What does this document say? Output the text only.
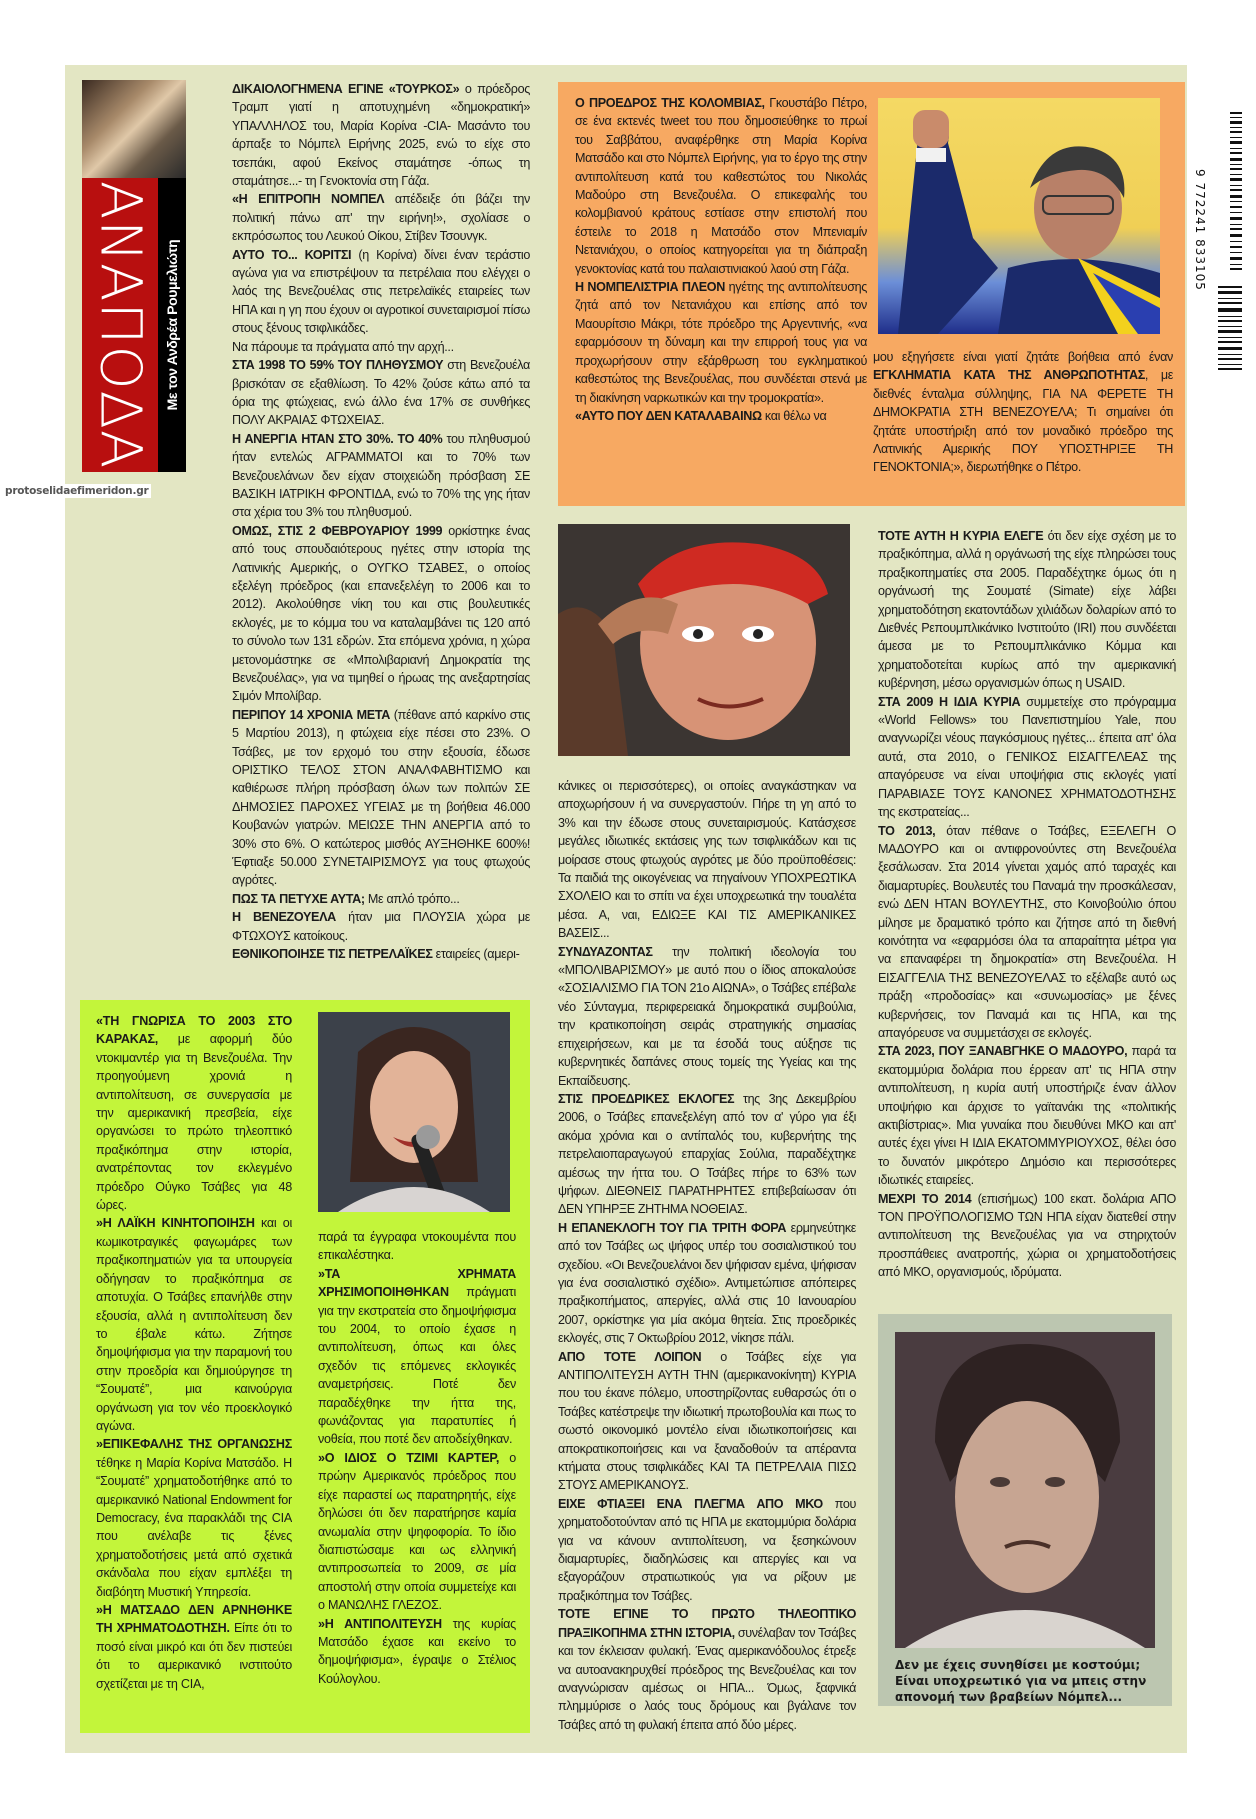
ΑΝΑΠΟΔΑ Με τον Ανδρέα Ρουμελιώτη
protoselidaefimeridon.gr
9 772241 833105

ΔΙΚΑΙΟΛΟΓΗΜΕΝΑ ΕΓΙΝΕ «ΤΟΥΡΚΟΣ» ο πρόεδρος Τραμπ γιατί η αποτυχημένη «δημοκρατική» ΥΠΑΛΛΗΛΟΣ του, Μαρία Κορίνα -CIA- Μασάντο του άρπαξε το Νόμπελ Ειρήνης 2025, ενώ το είχε στο τσεπάκι, αφού Εκείνος σταμάτησε -όπως τη σταμάτησε...- τη Γενοκτονία στη Γάζα.

«Η ΕΠΙΤΡΟΠΗ ΝΟΜΠΕΛ απέδειξε ότι βάζει την πολιτική πάνω απ' την ειρήνη!», σχολίασε ο εκπρόσωπος του Λευκού Οίκου, Στίβεν Τσουνγκ.

ΑΥΤΟ ΤΟ... ΚΟΡΙΤΣΙ (η Κορίνα) δίνει έναν τεράστιο αγώνα για να επιστρέψουν τα πετρέλαια που ελέγχει ο λαός της Βενεζουέλας στις πετρελαϊκές εταιρείες των ΗΠΑ και η γη που έχουν οι αγροτικοί συνεταιρισμοί πίσω στους ξένους τσιφλικάδες.

Να πάρουμε τα πράγματα από την αρχή...

ΣΤΑ 1998 ΤΟ 59% ΤΟΥ ΠΛΗΘΥΣΜΟΥ στη Βενεζουέλα βρισκόταν σε εξαθλίωση. Το 42% ζούσε κάτω από τα όρια της φτώχειας, ενώ άλλο ένα 17% σε συνθήκες ΠΟΛΥ ΑΚΡΑΙΑΣ ΦΤΩΧΕΙΑΣ.

Η ΑΝΕΡΓΙΑ ΗΤΑΝ ΣΤΟ 30%. ΤΟ 40% του πληθυσμού ήταν εντελώς ΑΓΡΑΜΜΑΤΟΙ και το 70% των Βενεζουελάνων δεν είχαν στοιχειώδη πρόσβαση ΣΕ ΒΑΣΙΚΗ ΙΑΤΡΙΚΗ ΦΡΟΝΤΙΔΑ, ενώ το 70% της γης ήταν στα χέρια του 3% του πληθυσμού.

ΟΜΩΣ, ΣΤΙΣ 2 ΦΕΒΡΟΥΑΡΙΟΥ 1999 ορκίστηκε ένας από τους σπουδαιότερους ηγέτες στην ιστορία της Λατινικής Αμερικής, ο ΟΥΓΚΟ ΤΣΑΒΕΣ, ο οποίος εξελέγη πρόεδρος (και επανεξελέγη το 2006 και το 2012). Ακολούθησε νίκη του και στις βουλευτικές εκλογές, με το κόμμα του να καταλαμβάνει τις 120 από το σύνολο των 131 εδρών. Στα επόμενα χρόνια, η χώρα μετονομάστηκε σε «Μπολιβαριανή Δημοκρατία της Βενεζουέλας», για να τιμηθεί ο ήρωας της ανεξαρτησίας Σιμόν Μπολίβαρ.

ΠΕΡΙΠΟΥ 14 ΧΡΟΝΙΑ ΜΕΤΑ (πέθανε από καρκίνο στις 5 Μαρτίου 2013), η φτώχεια είχε πέσει στο 23%. Ο Τσάβες, με τον ερχομό του στην εξουσία, έδωσε ΟΡΙΣΤΙΚΟ ΤΕΛΟΣ ΣΤΟΝ ΑΝΑΛΦΑΒΗΤΙΣΜΟ και καθιέρωσε πλήρη πρόσβαση όλων των πολιτών ΣΕ ΔΗΜΟΣΙΕΣ ΠΑΡΟΧΕΣ ΥΓΕΙΑΣ με τη βοήθεια 46.000 Κουβανών γιατρών. ΜΕΙΩΣΕ ΤΗΝ ΑΝΕΡΓΙΑ από το 30% στο 6%. Ο κατώτερος μισθός ΑΥΞΗΘΗΚΕ 600%! Έφτιαξε 50.000 ΣΥΝΕΤΑΙΡΙΣΜΟΥΣ για τους φτωχούς αγρότες.

ΠΩΣ ΤΑ ΠΕΤΥΧΕ ΑΥΤΑ; Με απλό τρόπο...

Η ΒΕΝΕΖΟΥΕΛΑ ήταν μια ΠΛΟΥΣΙΑ χώρα με ΦΤΩΧΟΥΣ κατοίκους.

ΕΘΝΙΚΟΠΟΙΗΣΕ ΤΙΣ ΠΕΤΡΕΛΑΪΚΕΣ εταιρείες (αμερι-

Ο ΠΡΟΕΔΡΟΣ ΤΗΣ ΚΟΛΟΜΒΙΑΣ, Γκουστάβο Πέτρο, σε ένα εκτενές tweet του που δημοσιεύθηκε το πρωί του Σαββάτου, αναφέρθηκε στη Μαρία Κορίνα Ματσάδο και στο Νόμπελ Ειρήνης, για το έργο της στην αντιπολίτευση κατά του καθεστώτος του Νικολάς Μαδούρο στη Βενεζουέλα. Ο επικεφαλής του κολομβιανού κράτους εστίασε στην επιστολή που έστειλε το 2018 η Ματσάδο στον Μπενιαμίν Νετανιάχου, ο οποίος κατηγορείται για τη διάπραξη γενοκτονίας κατά του παλαιστινιακού λαού στη Γάζα.

Η ΝΟΜΠΕΛΙΣΤΡΙΑ ΠΛΕΟΝ ηγέτης της αντιπολίτευσης ζητά από τον Νετανιάχου και επίσης από τον Μαουρίτσιο Μάκρι, τότε πρόεδρο της Αργεντινής, «να εφαρμόσουν τη δύναμη και την επιρροή τους για να προχωρήσουν στην εξάρθρωση του εγκληματικού καθεστώτος της Βενεζουέλας, που συνδέεται στενά με τη διακίνηση ναρκωτικών και την τρομοκρατία».

«ΑΥΤΟ ΠΟΥ ΔΕΝ ΚΑΤΑΛΑΒΑΙΝΩ και θέλω να

μου εξηγήσετε είναι γιατί ζητάτε βοήθεια από έναν ΕΓΚΛΗΜΑΤΙΑ ΚΑΤΑ ΤΗΣ ΑΝΘΡΩΠΟΤΗΤΑΣ, με διεθνές ένταλμα σύλληψης, ΓΙΑ ΝΑ ΦΕΡΕΤΕ ΤΗ ΔΗΜΟΚΡΑΤΙΑ ΣΤΗ ΒΕΝΕΖΟΥΕΛΑ; Τι σημαίνει ότι ζητάτε υποστήριξη από τον μοναδικό πρόεδρο της Λατινικής Αμερικής ΠΟΥ ΥΠΟΣΤΗΡΙΞΕ ΤΗ ΓΕΝΟΚΤΟΝΙΑ;», διερωτήθηκε ο Πέτρο.

κάνικες οι περισσότερες), οι οποίες αναγκάστηκαν να αποχωρήσουν ή να συνεργαστούν. Πήρε τη γη από το 3% και την έδωσε στους συνεταιρισμούς. Κατάσχεσε μεγάλες ιδιωτικές εκτάσεις γης των τσιφλικάδων και τις μοίρασε στους φτωχούς αγρότες με δύο προϋποθέσεις: Τα παιδιά της οικογένειας να πηγαίνουν ΥΠΟΧΡΕΩΤΙΚΑ ΣΧΟΛΕΙΟ και το σπίτι να έχει υποχρεωτικά την τουαλέτα μέσα. Α, ναι, ΕΔΙΩΞΕ ΚΑΙ ΤΙΣ ΑΜΕΡΙΚΑΝΙΚΕΣ ΒΑΣΕΙΣ...

ΣΥΝΔΥΑΖΟΝΤΑΣ την πολιτική ιδεολογία του «ΜΠΟΛΙΒΑΡΙΣΜΟΥ» με αυτό που ο ίδιος αποκαλούσε «ΣΟΣΙΑΛΙΣΜΟ ΓΙΑ ΤΟΝ 21ο ΑΙΩΝΑ», ο Τσάβες επέβαλε νέο Σύνταγμα, περιφερειακά δημοκρατικά συμβούλια, την κρατικοποίηση σειράς στρατηγικής σημασίας επιχειρήσεων, και με τα έσοδά τους αύξησε τις κυβερνητικές δαπάνες στους τομείς της Υγείας και της Εκπαίδευσης.

ΣΤΙΣ ΠΡΟΕΔΡΙΚΕΣ ΕΚΛΟΓΕΣ της 3ης Δεκεμβρίου 2006, ο Τσάβες επανεξελέγη από τον α' γύρο για έξι ακόμα χρόνια και ο αντίπαλός του, κυβερνήτης της πετρελαιοπαραγωγού επαρχίας Σούλια, παραδέχτηκε αμέσως την ήττα του. Ο Τσάβες πήρε το 63% των ψήφων. ΔΙΕΘΝΕΙΣ ΠΑΡΑΤΗΡΗΤΕΣ επιβεβαίωσαν ότι ΔΕΝ ΥΠΗΡΞΕ ΖΗΤΗΜΑ ΝΟΘΕΙΑΣ.

Η ΕΠΑΝΕΚΛΟΓΗ ΤΟΥ ΓΙΑ ΤΡΙΤΗ ΦΟΡΑ ερμηνεύτηκε από τον Τσάβες ως ψήφος υπέρ του σοσιαλιστικού του σχεδίου. «Οι Βενεζουελάνοι δεν ψήφισαν εμένα, ψήφισαν για ένα σοσιαλιστικό σχέδιο». Αντιμετώπισε απόπειρες πραξικοπήματος, απεργίες, αλλά στις 10 Ιανουαρίου 2007, ορκίστηκε για μία ακόμα θητεία. Στις προεδρικές εκλογές, στις 7 Οκτωβρίου 2012, νίκησε πάλι.

ΑΠΟ ΤΟΤΕ ΛΟΙΠΟΝ ο Τσάβες είχε για ΑΝΤΙΠΟΛΙΤΕΥΣΗ ΑΥΤΗ ΤΗΝ (αμερικανοκίνητη) ΚΥΡΙΑ που του έκανε πόλεμο, υποστηρίζοντας ευθαρσώς ότι ο Τσάβες κατέστρεψε την ιδιωτική πρωτοβουλία και πως το σωστό οικονομικό μοντέλο είναι ιδιωτικοποιήσεις και αποκρατικοποιήσεις και να ξαναδοθούν τα απέραντα κτήματα στους τσιφλικάδες ΚΑΙ ΤΑ ΠΕΤΡΕΛΑΙΑ ΠΙΣΩ ΣΤΟΥΣ ΑΜΕΡΙΚΑΝΟΥΣ.

ΕΙΧΕ ΦΤΙΑΞΕΙ ΕΝΑ ΠΛΕΓΜΑ ΑΠΟ ΜΚΟ που χρηματοδοτούνταν από τις ΗΠΑ με εκατομμύρια δολάρια για να κάνουν αντιπολίτευση, να ξεσηκώνουν διαμαρτυρίες, διαδηλώσεις και απεργίες και να εξαγοράζουν στρατιωτικούς για να ρίξουν με πραξικόπημα τον Τσάβες.

ΤΟΤΕ ΕΓΙΝΕ ΤΟ ΠΡΩΤΟ ΤΗΛΕΟΠΤΙΚΟ ΠΡΑΞΙΚΟΠΗΜΑ ΣΤΗΝ ΙΣΤΟΡΙΑ, συνέλαβαν τον Τσάβες και τον έκλεισαν φυλακή. Ένας αμερικανόδουλος έτρεξε να αυτοανακηρυχθεί πρόεδρος της Βενεζουέλας και τον αναγνώρισαν αμέσως οι ΗΠΑ... Όμως, ξαφνικά πλημμύρισε ο λαός τους δρόμους και βγάλανε τον Τσάβες από τη φυλακή έπειτα από δύο μέρες.

ΤΟΤΕ ΑΥΤΗ Η ΚΥΡΙΑ ΕΛΕΓΕ ότι δεν είχε σχέση με το πραξικόπημα, αλλά η οργάνωσή της είχε πληρώσει τους πραξικοπηματίες στα 2005. Παραδέχτηκε όμως ότι η οργάνωσή της Σουματέ (Simate) είχε λάβει χρηματοδότηση εκατοντάδων χιλιάδων δολαρίων από το Διεθνές Ρεπουμπλικάνικο Ινστιτούτο (IRI) που συνδέεται άμεσα με το Ρεπουμπλικάνικο Κόμμα και χρηματοδοτείται κυρίως από την αμερικανική κυβέρνηση, μέσω οργανισμών όπως η USAID.

ΣΤΑ 2009 Η ΙΔΙΑ ΚΥΡΙΑ συμμετείχε στο πρόγραμμα «World Fellows» του Πανεπιστημίου Yale, που αναγνωρίζει νέους παγκόσμιους ηγέτες... έπειτα απ' όλα αυτά, στα 2010, ο ΓΕΝΙΚΟΣ ΕΙΣΑΓΓΕΛΕΑΣ της απαγόρευσε να είναι υποψήφια στις εκλογές γιατί ΠΑΡΑΒΙΑΣΕ ΤΟΥΣ ΚΑΝΟΝΕΣ ΧΡΗΜΑΤΟΔΟΤΗΣΗΣ της εκστρατείας...

ΤΟ 2013, όταν πέθανε ο Τσάβες, ΕΞΕΛΕΓΗ Ο ΜΑΔΟΥΡΟ και οι αντιφρονούντες στη Βενεζουέλα ξεσάλωσαν. Στα 2014 γίνεται χαμός από ταραχές και διαμαρτυρίες. Βουλευτές του Παναμά την προσκάλεσαν, ενώ ΔΕΝ ΗΤΑΝ ΒΟΥΛΕΥΤΗΣ, στο Κοινοβούλιο όπου μίλησε με δραματικό τρόπο και ζήτησε από τη διεθνή κοινότητα να «εφαρμόσει όλα τα απαραίτητα μέτρα για να επαναφέρει τη δημοκρατία» στη Βενεζουέλα. Η ΕΙΣΑΓΓΕΛΙΑ ΤΗΣ ΒΕΝΕΖΟΥΕΛΑΣ το εξέλαβε αυτό ως πράξη «προδοσίας» και «συνωμοσίας» με ξένες κυβερνήσεις, τον Παναμά και τις ΗΠΑ, και της απαγόρευσε να συμμετάσχει σε εκλογές.

ΣΤΑ 2023, ΠΟΥ ΞΑΝΑΒΓΗΚΕ Ο ΜΑΔΟΥΡΟ, παρά τα εκατομμύρια δολάρια που έρρεαν απ' τις ΗΠΑ στην αντιπολίτευση, η κυρία αυτή υποστήριζε έναν άλλον υποψήφιο και άρχισε το γαϊτανάκι της «πολιτικής ακτιβίστριας». Μια γυναίκα που διευθύνει ΜΚΟ και απ' αυτές έχει γίνει Η ΙΔΙΑ ΕΚΑΤΟΜΜΥΡΙΟΥΧΟΣ, θέλει όσο το δυνατόν μικρότερο Δημόσιο και περισσότερες ιδιωτικές εταιρείες.

ΜΕΧΡΙ ΤΟ 2014 (επισήμως) 100 εκατ. δολάρια ΑΠΟ ΤΟΝ ΠΡΟΫΠΟΛΟΓΙΣΜΟ ΤΩΝ ΗΠΑ είχαν διατεθεί στην αντιπολίτευση της Βενεζουέλας για να στηριχτούν προσπάθειες ανατροπής, χώρια οι χρηματοδοτήσεις από ΜΚΟ, οργανισμούς, ιδρύματα.

«ΤΗ ΓΝΩΡΙΣΑ ΤΟ 2003 ΣΤΟ ΚΑΡΑΚΑΣ, με αφορμή δύο ντοκιμαντέρ για τη Βενεζουέλα. Την προηγούμενη χρονιά η αντιπολίτευση, σε συνεργασία με την αμερικανική πρεσβεία, είχε οργανώσει το πρώτο τηλεοπτικό πραξικόπημα στην ιστορία, ανατρέποντας τον εκλεγμένο πρόεδρο Ούγκο Τσάβες για 48 ώρες.

»Η ΛΑΪΚΗ ΚΙΝΗΤΟΠΟΙΗΣΗ και οι κωμικοτραγικές φαγωμάρες των πραξικοπηματιών για τα υπουργεία οδήγησαν το πραξικόπημα σε αποτυχία. Ο Τσάβες επανήλθε στην εξουσία, αλλά η αντιπολίτευση δεν το έβαλε κάτω. Ζήτησε δημοψήφισμα για την παραμονή του στην προεδρία και δημιούργησε τη “Σουματέ”, μια καινούργια οργάνωση για τον νέο προεκλογικό αγώνα.

»ΕΠΙΚΕΦΑΛΗΣ ΤΗΣ ΟΡΓΑΝΩΣΗΣ τέθηκε η Μαρία Κορίνα Ματσάδο. Η “Σουματέ” χρηματοδοτήθηκε από το αμερικανικό National Endowment for Democracy, ένα παρακλάδι της CIA που ανέλαβε τις ξένες χρηματοδοτήσεις μετά από σχετικά σκάνδαλα που είχαν εμπλέξει τη διαβόητη Μυστική Υπηρεσία.

»Η ΜΑΤΣΑΔΟ ΔΕΝ ΑΡΝΗΘΗΚΕ ΤΗ ΧΡΗΜΑΤΟΔΟΤΗΣΗ. Είπε ότι το ποσό είναι μικρό και ότι δεν πιστεύει ότι το αμερικανικό ινστιτούτο σχετίζεται με τη CIA,

παρά τα έγγραφα ντοκουμέντα που επικαλέστηκα.

»ΤΑ ΧΡΗΜΑΤΑ ΧΡΗΣΙΜΟΠΟΙΗΘΗΚΑΝ πράγματι για την εκστρατεία στο δημοψήφισμα του 2004, το οποίο έχασε η αντιπολίτευση, όπως και όλες σχεδόν τις επόμενες εκλογικές αναμετρήσεις. Ποτέ δεν παραδέχθηκε την ήττα της, φωνάζοντας για παρατυπίες ή νοθεία, που ποτέ δεν αποδείχθηκαν.

»Ο ΙΔΙΟΣ Ο ΤΖΙΜΙ ΚΑΡΤΕΡ, ο πρώην Αμερικανός πρόεδρος που είχε παραστεί ως παρατηρητής, είχε δηλώσει ότι δεν παρατήρησε καμία ανωμαλία στην ψηφοφορία. Το ίδιο διαπιστώσαμε και ως ελληνική αντιπροσωπεία το 2009, σε μία αποστολή στην οποία συμμετείχε και ο ΜΑΝΩΛΗΣ ΓΛΕΖΟΣ.

»Η ΑΝΤΙΠΟΛΙΤΕΥΣΗ της κυρίας Ματσάδο έχασε και εκείνο το δημοψήφισμα», έγραψε ο Στέλιος Κούλογλου.

Δεν με έχεις συνηθίσει με κοστούμι; Είναι υποχρεωτικό για να μπεις στην απονομή των βραβείων Νόμπελ...
